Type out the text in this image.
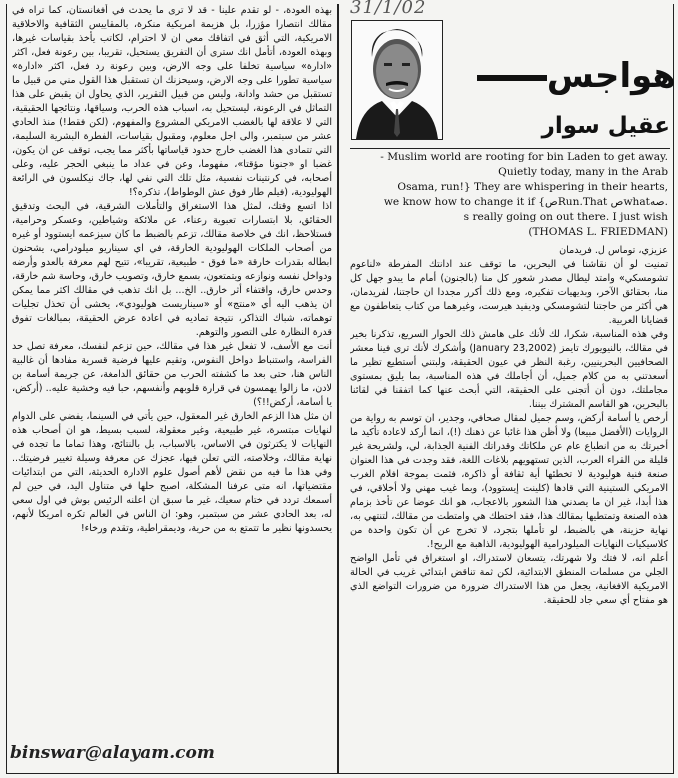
31/1/02
هواجس
عقيل سوار
- Muslim world are rooting for bin Laden to get away.
Quietly today, many in the Arab
Osama, run!} They are whispering in their hearts,
we know how to change it if {صRun.That صwhatصه.
s really going on out there. I just wish
(THOMAS L. FRIEDMAN)

عزيزي، توماس ل. فريدمان

تمنيت لو أن نقاشنا في البحرين، ما توقف عند ادانتك المفرطة «لناعوم تشومسكي» وامتد ليطال مصدر شعور كل منا (بالجنون) أمام ما يبدو جهل كل منا، بحقائق الآخر، وبديهيات تفكيره، ومع ذلك أكرر مجددا ان حاجتنا، لفريدمان، هي أكثر من حاجتنا لتشومسكي وديفيد هيرست، وغيرهما من كتاب يتعاطفون مع قضايانا العربية.

وفي هذه المناسبة، شكرا، لك لأنك على هامش ذلك الحوار السريع، تذكرنا بخير في مقالك، بالنيويورك تايمز (January 23,2002) وأشكرك لأنك ترى فينا معشر الصحافيين البحرينيين، رغبة النظر في عيون الحقيقة، ولبتني أستطيع تظير ما أسعدتني به من كلام جميل، أن أجاملك في هذه المناسبة، بما يليق بمستوى مجاملتك، دون أن أتجنى على الحقيقة، التي أبحث عنها كما اتفقنا في لقائنا بالبحرين، هو القاسم المشترك بيننا.

أرخص يا أسامة أركض، وسم جميل لمقال صحافي، وجدير، ان توسم به رواية من الروايات (الأفضل مبيعا) ولا أظن هذا غائبا عن ذهنك (!)، انما أركد لاعادة تأكيد ما أخبرتك به من انطباع عام عن ملكاتك وقدراتك الفنية الجذابة، لي، ولشريحة غير قليلة من القراء العرب، الذين تستهويهم بلاغات اللغة، فقد وجدت في هذا العنوان صنعة فنية هوليودية لا تخطئها أية ثقافة أو ذاكرة، فثمت بموجة افلام الغرب الامريكي الستينية التي قادها (كلينت إيستوود)، وبما غيب مهني ولا أخلاقي، في هذا أبدا، غير ان ما يصدني هذا الشعور بالاعجاب، هو انك عوضا عن تأخذ بزمام هذه الصنعة وتمتطيها بمقالك هذا، فقد اختطك هي وامتطت من مقالك، لتنتهي به، نهاية حزينة، هي بالضبط، لو تأملها بتجرد، لا تخرج عن أن تكون واحدة من كلاسيكيات النهايات الميلودرامية الهوليودية، الذاهبة مع الريح!.

أعلم انه، لا فتك ولا شهرتك، يتسعان لاستدراك، او استغراق في تأمل الواضح الجلي من مسلمات المنطق الابتدائية، لكن ثمة تناقض ابتدائي غريب في الحالة الامريكية الافغانية، يجعل من هذا الاستدراك ضرورة من ضرورات التواضع الذي هو مفتاح أي سعي جاد للحقيقة.

بهذه العودة، - لو تقدم علينا - قد لا ترى ما يحدث في أفغانستان، كما تراه في مقالك انتصارا مؤزرا، بل هزيمة امريكية منكرة، بالمقاييس الثقافية والاخلاقية الامريكية، التي أثق في اتفاقك معي ان لا احترام، لكاتب يأخذ بقياسات غيرها، وبهذه العودة، أتأمل انك سترى أن التفريق يستحيل، تقريبا، بين رعونة فعل، اكثر «ادارة» سياسية تخلفا على وجه الارض، وبين رعونة رد فعل، اكثر «ادارة» سياسية تطورا على وجه الارض، وسيحزنك ان تستقبل هذا القول مني من قبيل ما تستقبل من حشد وادانة، وليس من قبيل التقرير، الذي يحاول ان يقبض على هذا التماثل في الرعونة، ليستحيل به، اسباب هذه الحرب، وسياقها، ونتائجها الحقيقية، التي لا علاقة لها بالغضب الامريكي المشروع والمفهوم، (لكن فقط!) منذ الحادي عشر من سبتمبر، والى اجل معلوم، ومقبول بقياسات، الفطرة البشرية السليمة، التي تتمادى هذا الغضب خارج حدود قياساتها بأكثر مما يجب، توقف عن ان يكون، غضبا او «جنونا مؤقتا»، مفهوما، وعن في عداد ما ينبغي الحجر عليه، وعلى أصحابه، في كرنتينات نفسية، مثل تلك التي نفي لها، جاك نيكلسون في الرائعة الهوليودية، (فيلم طار فوق عش الوطواط)، تذكره؟!

اذا اتسع وقتك، لمثل هذا الاستغراق والتأملات الشرقية، في البحث وتدقيق الحقائق، بلا ابتسارات تعبوية رعناء، عن ملائكة وشياطين، وعسكر وحرامية، فستلاحظ، انك في خلاصة مقالك، تزعم بالضبط ما كان سيزعمه ايستوود أو غيره من أصحاب الملكات الهوليودية الخارقة، في اي سيناريو ميلودرامي، يشحنون ابطاله بقدرات خارقة «ما فوق - طبيعية، تقريبا»، تتيح لهم معرفة بالعدو وأرضه ودواخل نفسه ونوازعه ويتمتعون، بسمع خارق، وتصويب خارق، وحاسة شم خارقة، وحدس خارق، واقتفاء أثر خارق.. الخ... بل انك تذهب في مقالك اكثر مما يمكن ان يذهب اليه أي «منتج» أو «سيناريست هوليودي»، يخشى أن تخذل تجليات توهماته، شباك التذاكر، نتيجة تماديه في اعادة عرض الحقيقة، بمبالغات تفوق قدرة النظارة على التصور والتوهم.

أنت مع الأسف، لا تفعل غير هذا في مقالك، حين تزعم لنفسك، معرفة تصل حد الفراسة، واستنباط دواخل النفوس، وتقيم عليها فرضية قسرية مفادها أن غالبية الناس هنا، حتى بعد ما كشفته الحرب من حقائق الدامغة، عن جريمة أسامة بن لادن، ما زالوا يهمسون في قرارة قلوبهم وأنفسهم، حبا فيه وخشية عليه.. (أركض، يا أسامة، أركض!!؟)

ان مثل هذا الزعم الخارق غير المعقول، حين يأتي في السينما، يفضي على الدوام لنهايات مبتسرة، غير طبيعية، وغير معقولة، لسبب بسيط، هو ان أصحاب هذه النهايات لا يكترثون في الاساس، بالاسباب، بل بالنتائج، وهذا تماما ما تجده في نهاية مقالك، وخلاصته، التي تعلن فيها، عجزك عن معرفة وسيلة تغيير فرضيتك.. وفي هذا ما فيه من نقض لأهم أصول علوم الادارة الحديثة، التي من ابتدائيات مقتضياتها، انه متى عرفنا المشكلة، اصبح حلها في متناول اليد، في حين لم أسمعك تردد في ختام سعيك، غير ما سبق ان اعلنه الرئيس بوش في اول سعي له، بعد الحادي عشر من سبتمبر، وهو: ان الناس في العالم تكره امريكا لأنهم، يحسدونها نظير ما تتمتع به من حرية، وديمقراطية، وتقدم ورخاء!

binswar@alayam.com
